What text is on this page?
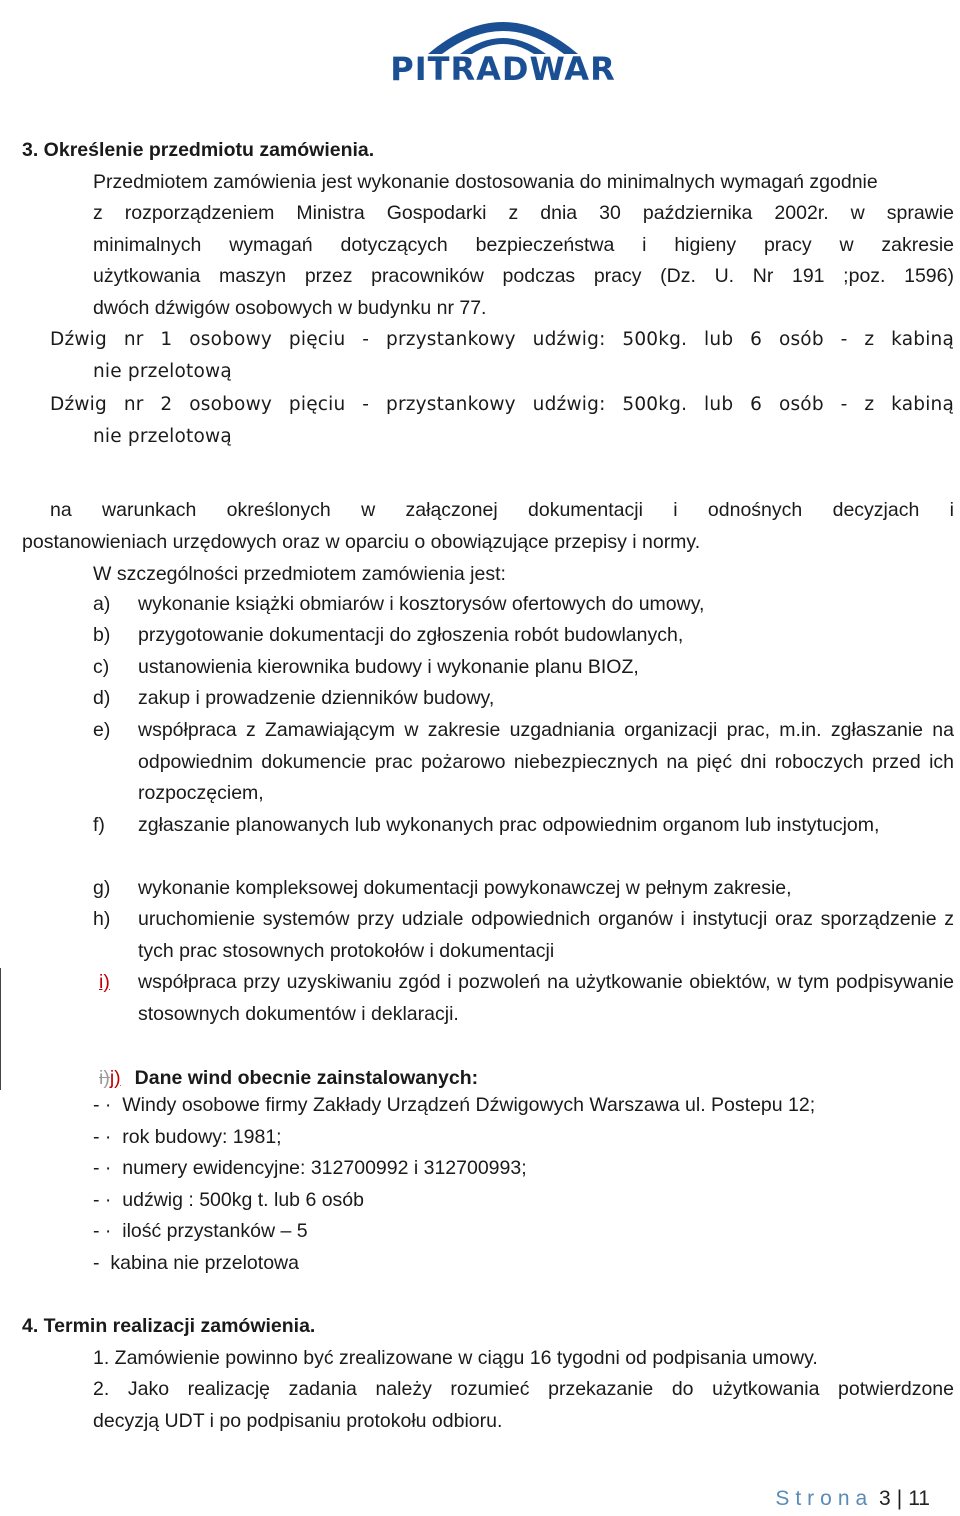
PITRADWAR
3. Określenie przedmiotu zamówienia.
Przedmiotem zamówienia jest wykonanie dostosowania do minimalnych wymagań zgodnie
z rozporządzeniem Ministra Gospodarki z dnia 30 października 2002r. w sprawie
minimalnych wymagań dotyczących bezpieczeństwa i higieny pracy w zakresie
użytkowania maszyn przez pracowników podczas pracy (Dz. U. Nr 191 ;poz. 1596)
dwóch dźwigów osobowych w budynku nr 77.
Dźwig nr 1 osobowy pięciu - przystankowy udźwig: 500kg. lub 6 osób - z kabiną
nie przelotową
Dźwig nr 2 osobowy pięciu - przystankowy udźwig: 500kg. lub 6 osób - z kabiną
nie przelotową
na warunkach określonych w załączonej dokumentacji i odnośnych decyzjach i
postanowieniach urzędowych oraz w oparciu o obowiązujące przepisy i normy.
W szczególności przedmiotem zamówienia jest:
a) wykonanie książki obmiarów i kosztorysów ofertowych do umowy,
b) przygotowanie dokumentacji do zgłoszenia robót budowlanych,
c) ustanowienia kierownika budowy i wykonanie planu BIOZ,
d) zakup i prowadzenie dzienników budowy,
e) współpraca z Zamawiającym w zakresie uzgadniania organizacji prac, m.in. zgłaszanie na odpowiednim dokumencie prac pożarowo niebezpiecznych na pięć dni roboczych przed ich rozpoczęciem,
f) zgłaszanie planowanych lub wykonanych prac odpowiednim organom lub instytucjom,
g) wykonanie kompleksowej dokumentacji powykonawczej w pełnym zakresie,
h) uruchomienie systemów przy udziale odpowiednich organów i instytucji oraz sporządzenie z tych prac stosownych protokołów i dokumentacji
i)	współpraca przy uzyskiwaniu zgód i pozwoleń na użytkowanie obiektów, w tym podpisywanie stosownych dokumentów i deklaracji.
i)j) Dane wind obecnie zainstalowanych:
- ·  Windy osobowe firmy Zakłady Urządzeń Dźwigowych Warszawa ul. Postepu 12;
- ·  rok budowy: 1981;
- ·  numery ewidencyjne: 312700992 i 312700993;
- ·  udźwig : 500kg t. lub 6 osób
- ·  ilość przystanków – 5
-  kabina nie przelotowa
4. Termin realizacji zamówienia.
1. Zamówienie powinno być zrealizowane w ciągu 16 tygodni od podpisania umowy.
2. Jako realizację zadania należy rozumieć przekazanie do użytkowania potwierdzone
decyzją UDT i po podpisaniu protokołu odbioru.
Strona 3 | 11
